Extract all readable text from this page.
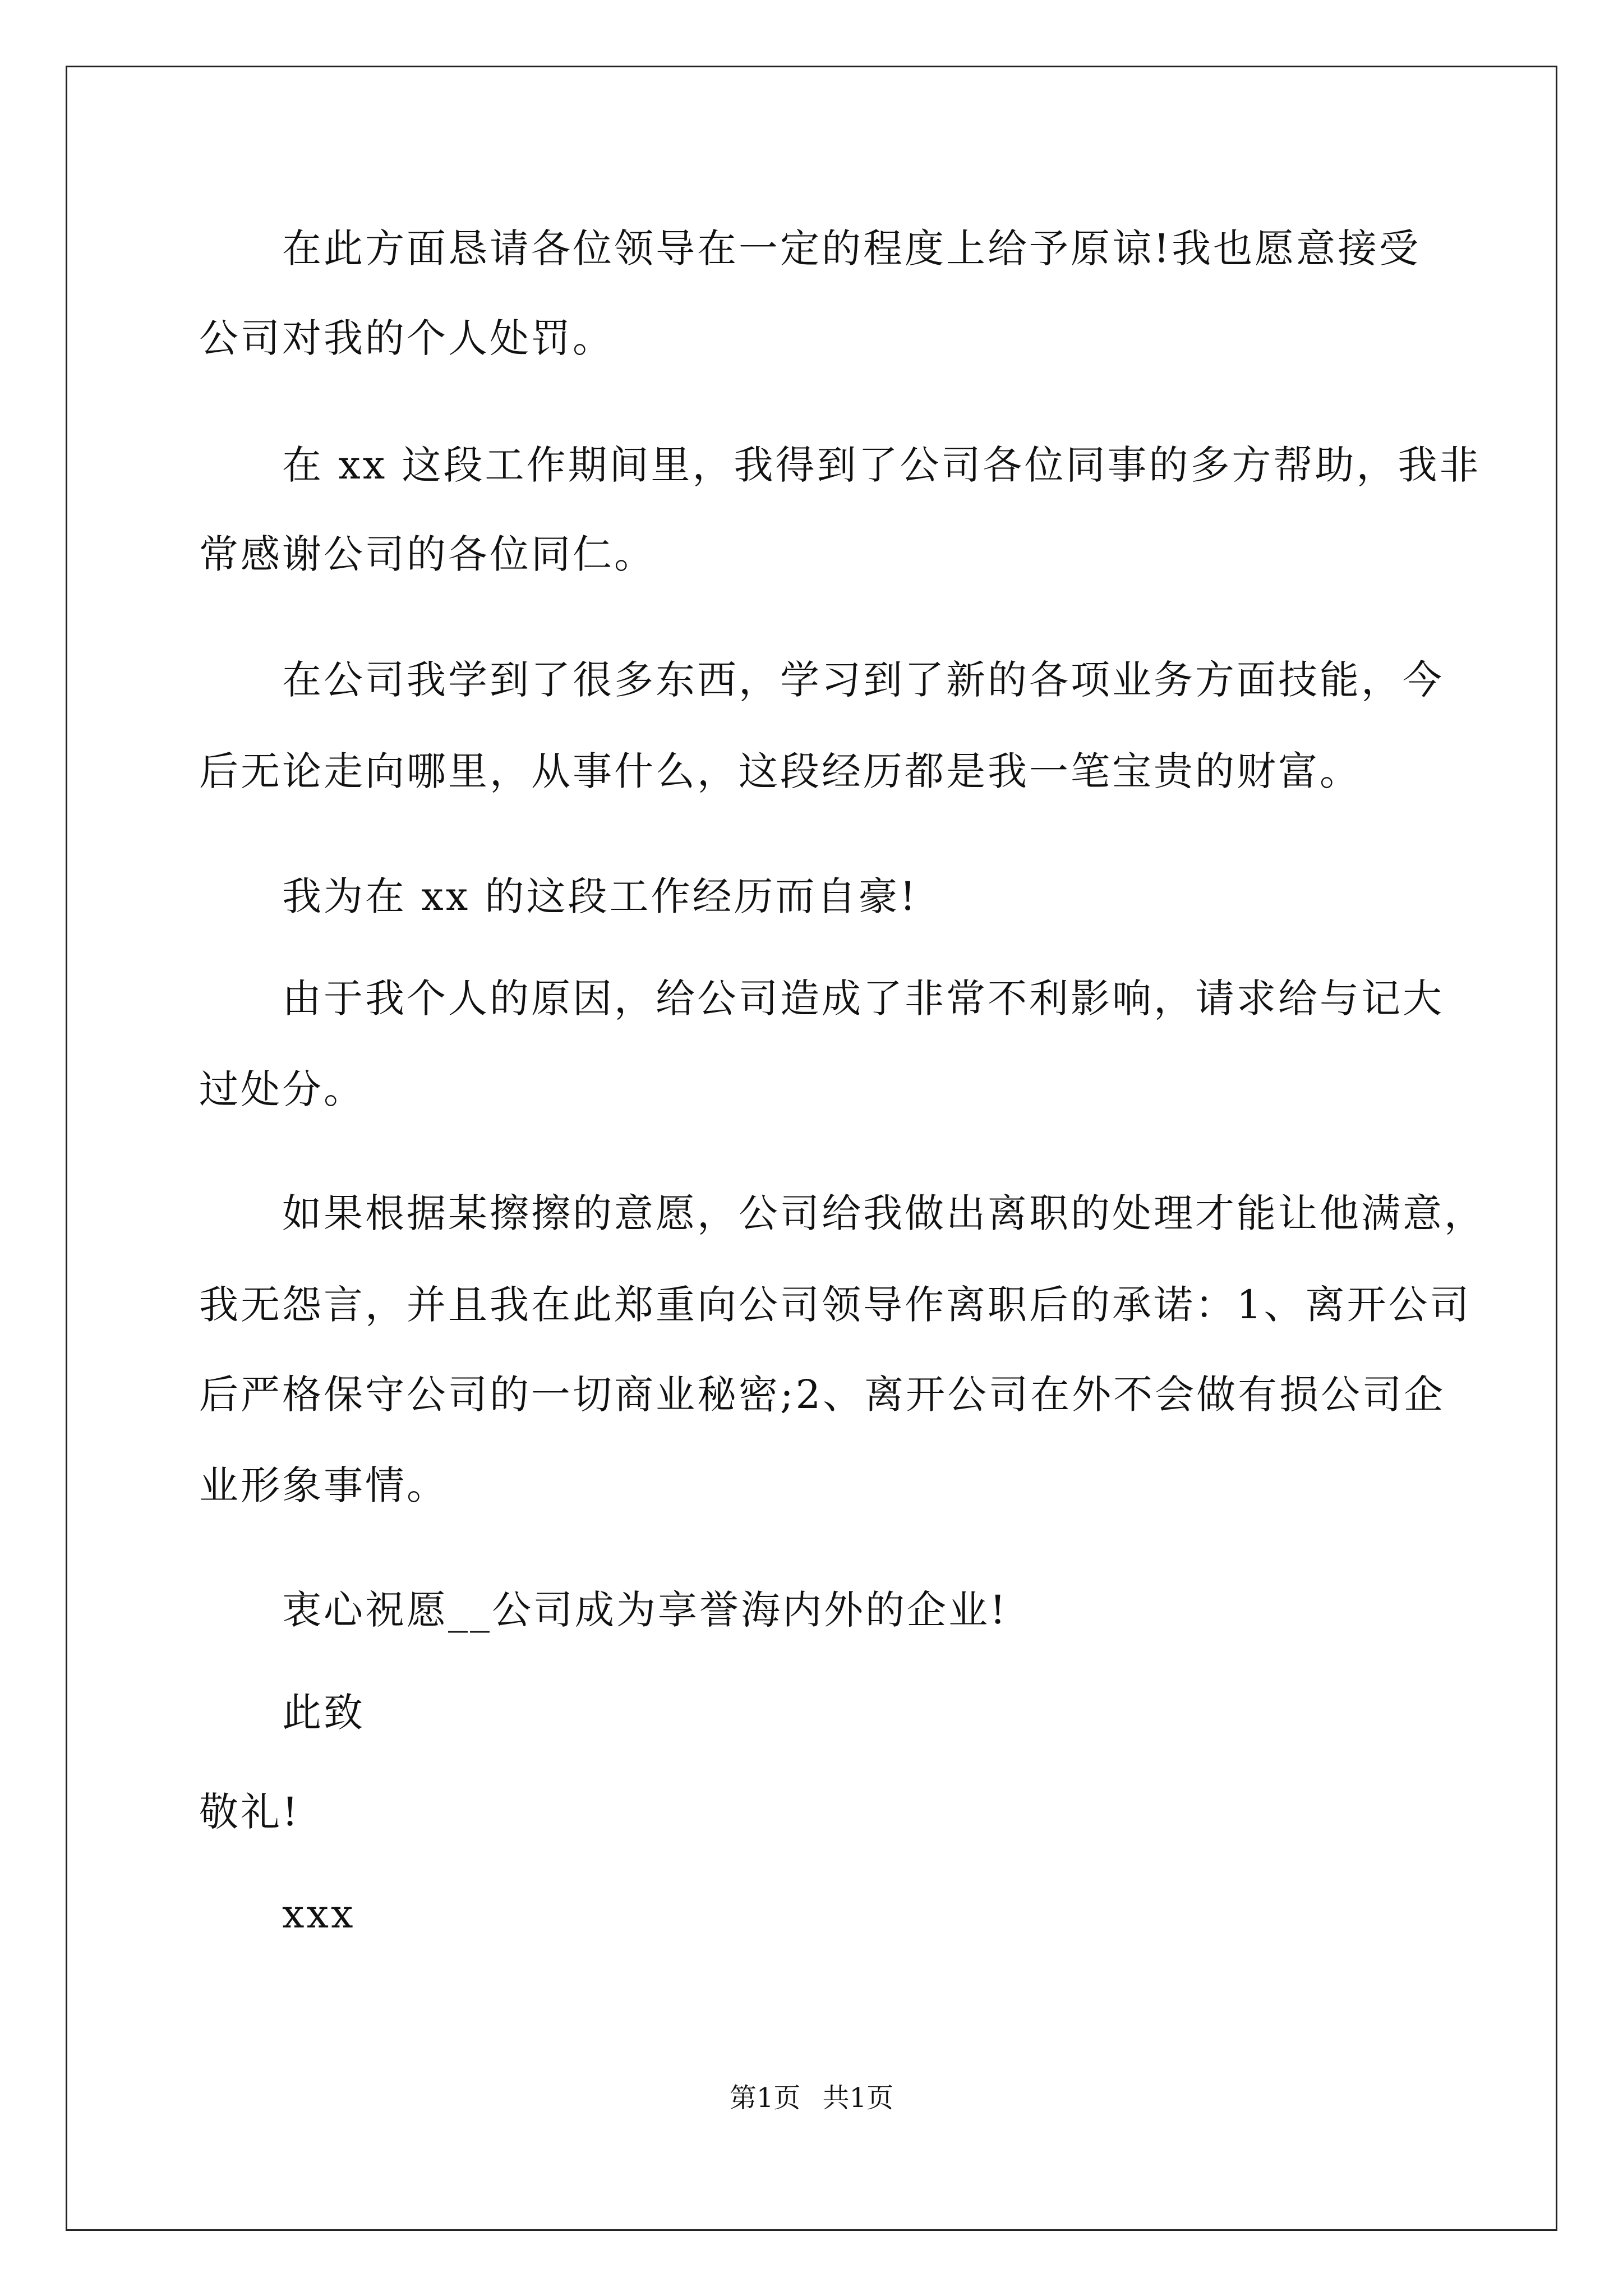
在此方面恳请各位领导在一定的程度上给予原谅!我也愿意接受
公司对我的个人处罚。
在 xx 这段工作期间里，我得到了公司各位同事的多方帮助，我非
常感谢公司的各位同仁。
在公司我学到了很多东西，学习到了新的各项业务方面技能，今
后无论走向哪里，从事什么，这段经历都是我一笔宝贵的财富。
我为在 xx 的这段工作经历而自豪!
由于我个人的原因，给公司造成了非常不利影响，请求给与记大
过处分。
如果根据某擦擦的意愿，公司给我做出离职的处理才能让他满意，
我无怨言，并且我在此郑重向公司领导作离职后的承诺：1、离开公司
后严格保守公司的一切商业秘密;2、离开公司在外不会做有损公司企
业形象事情。
衷心祝愿__公司成为享誉海内外的企业!
此致
敬礼!
xxx
第1页 共1页
